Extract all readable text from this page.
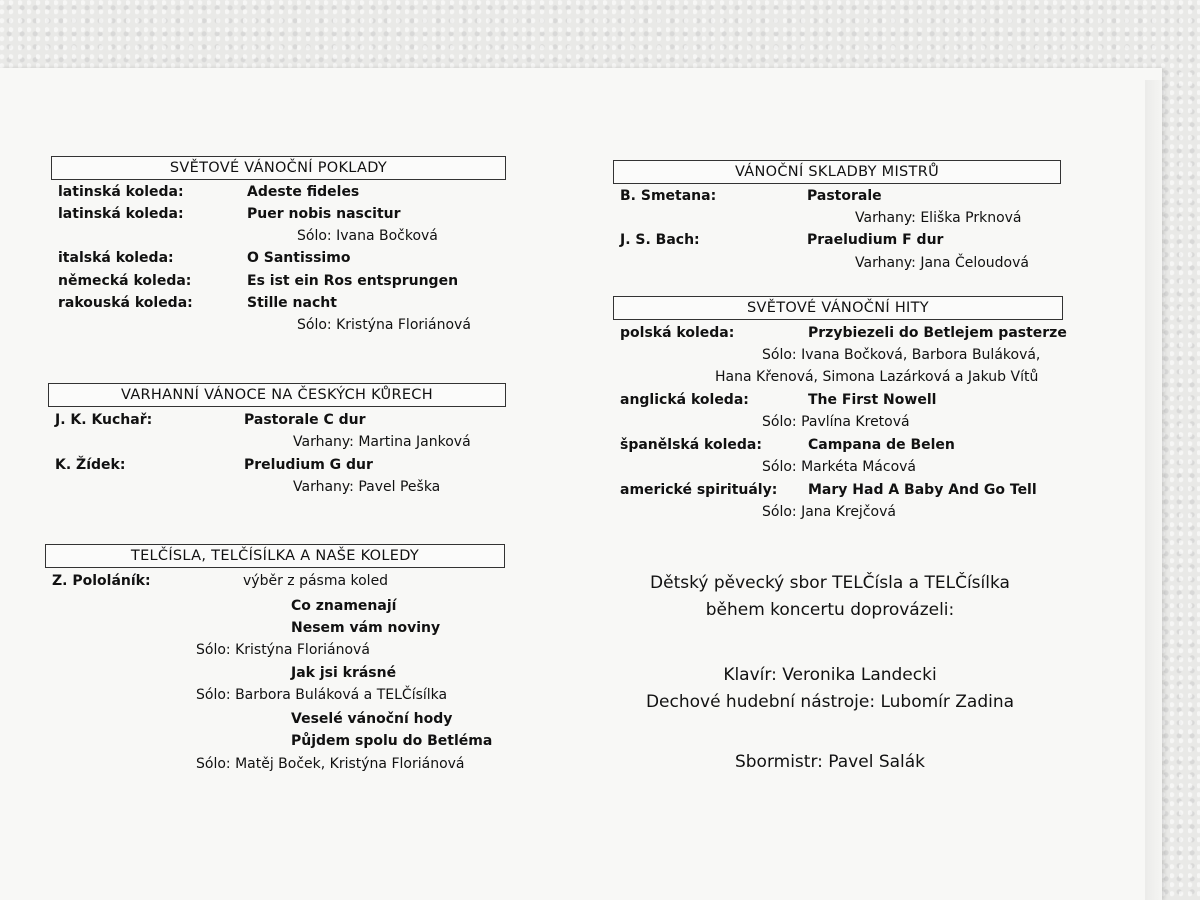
SVĚTOVÉ VÁNOČNÍ POKLADY
latinská koleda:	Adeste fideles
latinská koleda:	Puer nobis nascitur
Sólo: Ivana Bočková
italská koleda:	O Santissimo
německá koleda:	Es ist ein Ros entsprungen
rakouská koleda:	Stille nacht
Sólo: Kristýna Floriánová
VARHANNÍ VÁNOCE NA ČESKÝCH KŮRECH
J. K. Kuchař:	Pastorale C dur
Varhany: Martina Janková
K. Žídek:	Preludium G dur
Varhany: Pavel Peška
TELČÍSLA, TELČÍSÍLKA A NAŠE KOLEDY
Z. Pololáník:	výběr z pásma koled
Co znamenají
Nesem vám noviny
Sólo: Kristýna Floriánová
Jak jsi krásné
Sólo: Barbora Buláková a TELČísílka
Veselé vánoční hody
Půjdem spolu do Betléma
Sólo: Matěj Boček, Kristýna Floriánová
VÁNOČNÍ SKLADBY MISTRŮ
B. Smetana:	Pastorale
Varhany: Eliška Prknová
J. S. Bach:	Praeludium F dur
Varhany: Jana Čeloudová
SVĚTOVÉ VÁNOČNÍ HITY
polská koleda:	Przybiezeli do Betlejem pasterze
Sólo: Ivana Bočková, Barbora Buláková,
Hana Křenová, Simona Lazárková a Jakub Vítů
anglická koleda:	The First Nowell
Sólo: Pavlína Kretová
španělská koleda:	Campana de Belen
Sólo: Markéta Mácová
americké spirituály: Mary Had A Baby And Go Tell
Sólo: Jana Krejčová
Dětský pěvecký sbor TELČísla a TELČísílka
během koncertu doprovázeli:
Klavír: Veronika Landecki
Dechové hudební nástroje: Lubomír Zadina
Sbormistr: Pavel Salák
